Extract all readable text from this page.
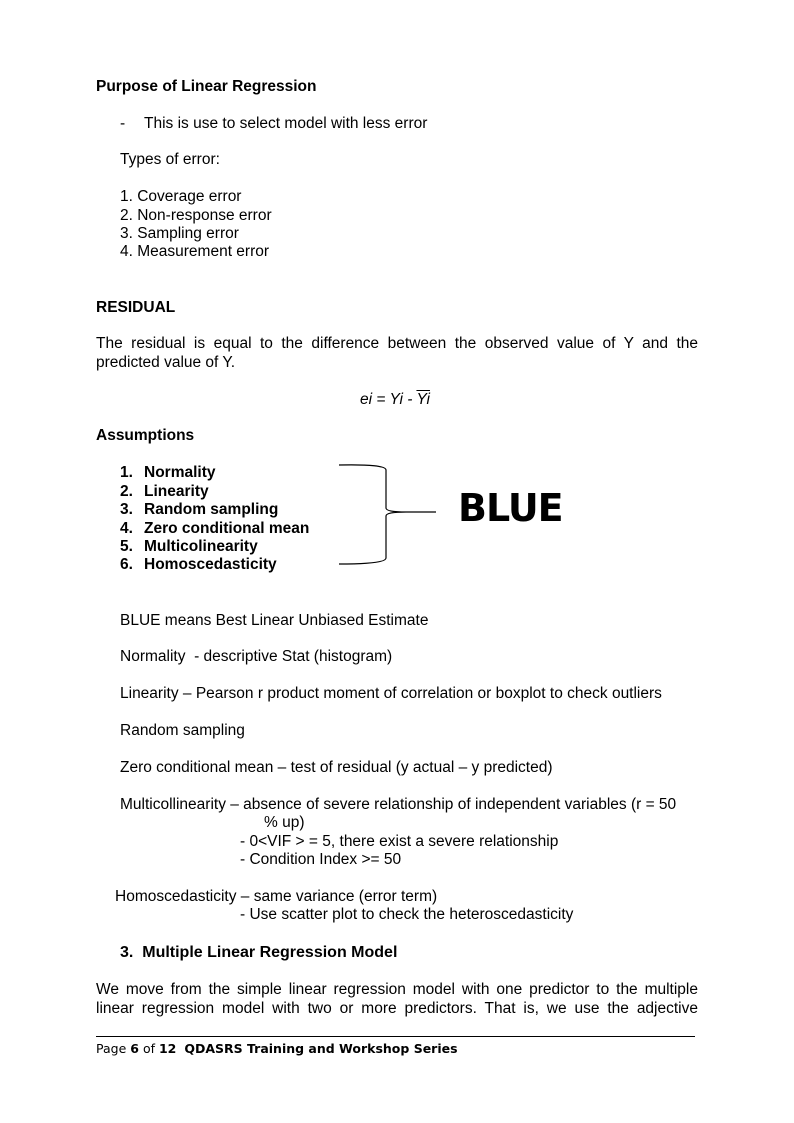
Purpose of Linear Regression
- This is use to select model with less error
Types of error:
1. Coverage error
2. Non-response error
3. Sampling error
4. Measurement error
RESIDUAL
The residual is equal to the difference between the observed value of Y and the
predicted value of Y.
ei = Yi - $\overline{Yi}$
Assumptions
1. Normality
2. Linearity
3. Random sampling
4. Zero conditional mean
5. Multicolinearity
6. Homoscedasticity
BLUE
BLUE means Best Linear Unbiased Estimate
Normality  - descriptive Stat (histogram)
Linearity – Pearson r product moment of correlation or boxplot to check outliers
Random sampling
Zero conditional mean – test of residual (y actual – y predicted)
Multicollinearity – absence of severe relationship of independent variables (r = 50
% up)
- 0<VIF > = 5, there exist a severe relationship
- Condition Index >= 50
Homoscedasticity – same variance (error term)
- Use scatter plot to check the heteroscedasticity
3.  Multiple Linear Regression Model
We move from the simple linear regression model with one predictor to the multiple
linear regression model with two or more predictors. That is, we use the adjective
Page 6 of 12 QDASRS Training and Workshop Series
